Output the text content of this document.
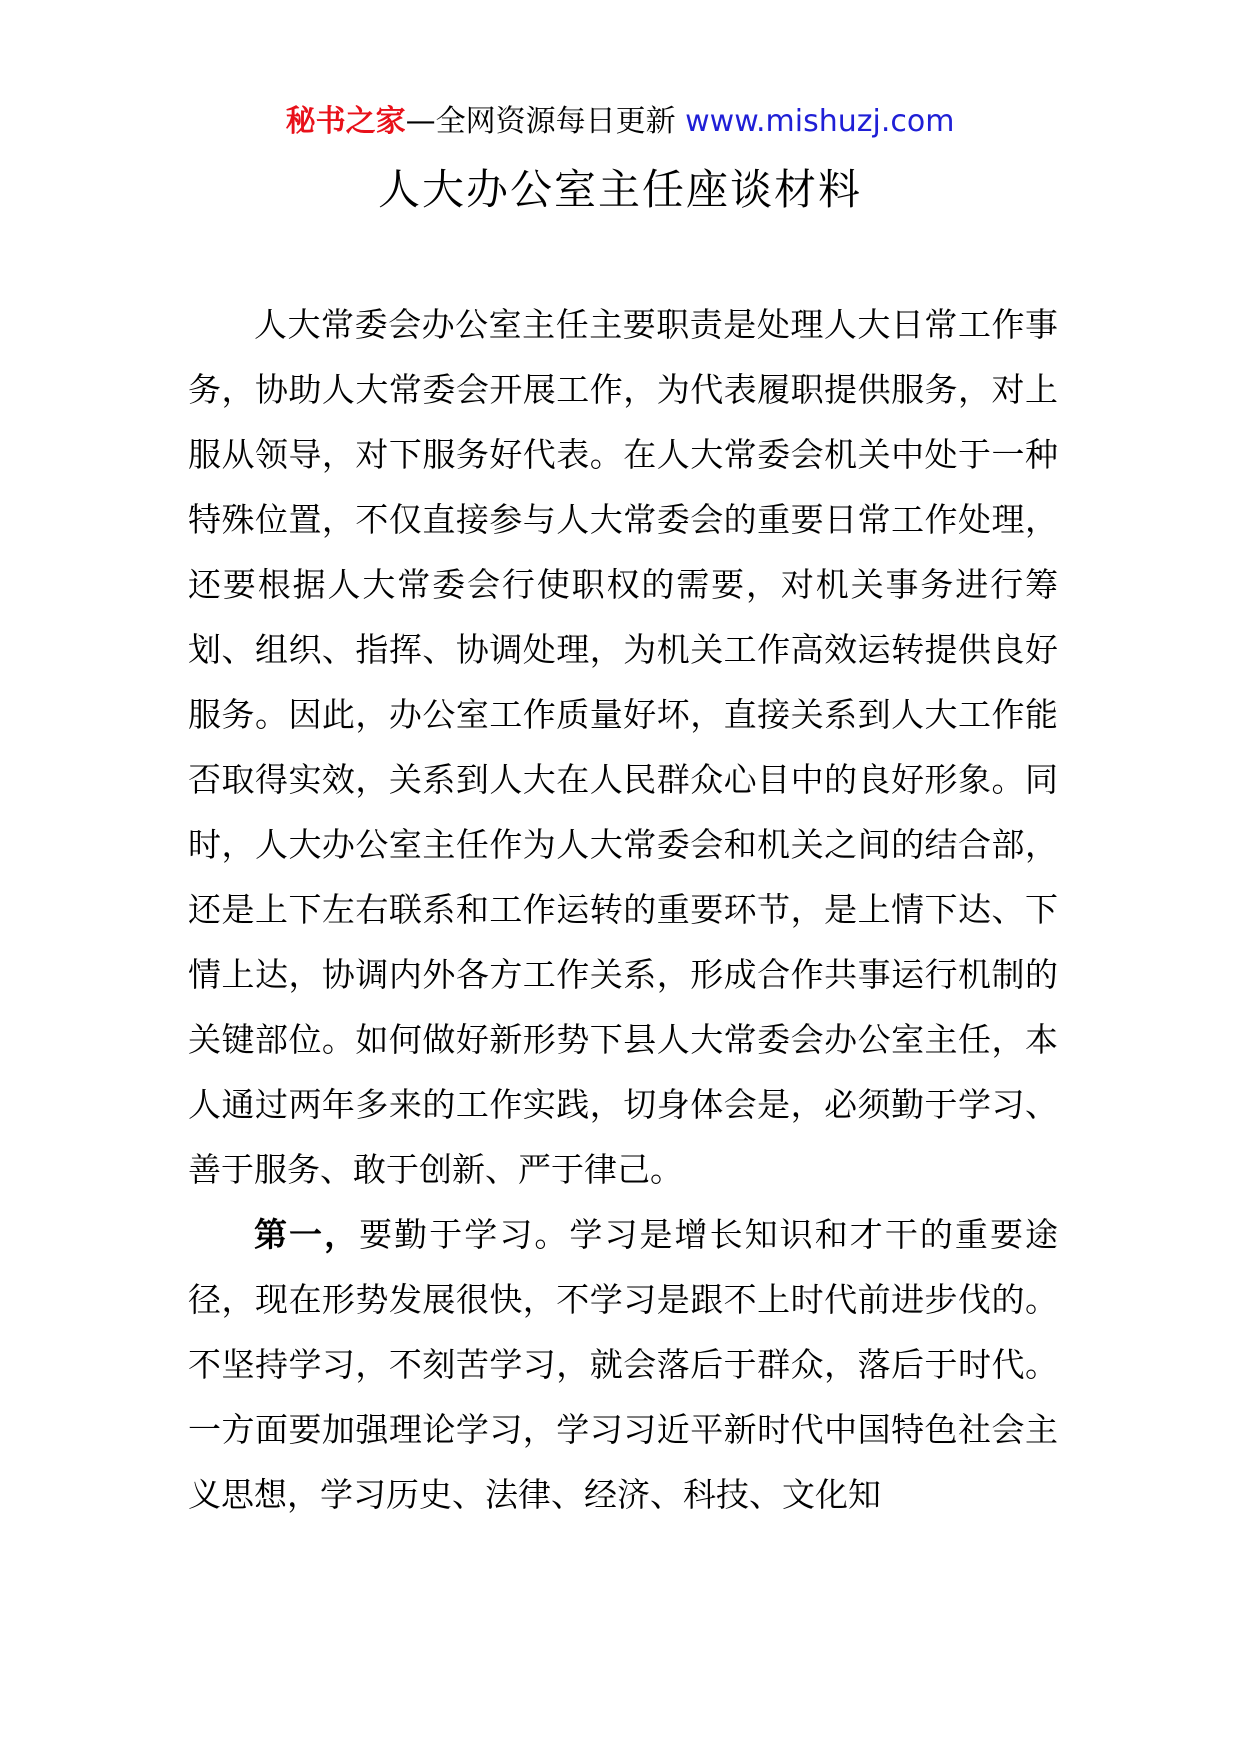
秘书之家—全网资源每日更新 www.mishuzj.com
人大办公室主任座谈材料

人大常委会办公室主任主要职责是处理人大日常工作事务，协助人大常委会开展工作，为代表履职提供服务，对上服从领导，对下服务好代表。在人大常委会机关中处于一种特殊位置，不仅直接参与人大常委会的重要日常工作处理，还要根据人大常委会行使职权的需要，对机关事务进行筹划、组织、指挥、协调处理，为机关工作高效运转提供良好服务。因此，办公室工作质量好坏，直接关系到人大工作能否取得实效，关系到人大在人民群众心目中的良好形象。同时，人大办公室主任作为人大常委会和机关之间的结合部，还是上下左右联系和工作运转的重要环节，是上情下达、下情上达，协调内外各方工作关系，形成合作共事运行机制的关键部位。如何做好新形势下县人大常委会办公室主任，本人通过两年多来的工作实践，切身体会是，必须勤于学习、善于服务、敢于创新、严于律己。

第一，要勤于学习。学习是增长知识和才干的重要途径，现在形势发展很快，不学习是跟不上时代前进步伐的。不坚持学习，不刻苦学习，就会落后于群众，落后于时代。一方面要加强理论学习，学习习近平新时代中国特色社会主义思想，学习历史、法律、经济、科技、文化知
